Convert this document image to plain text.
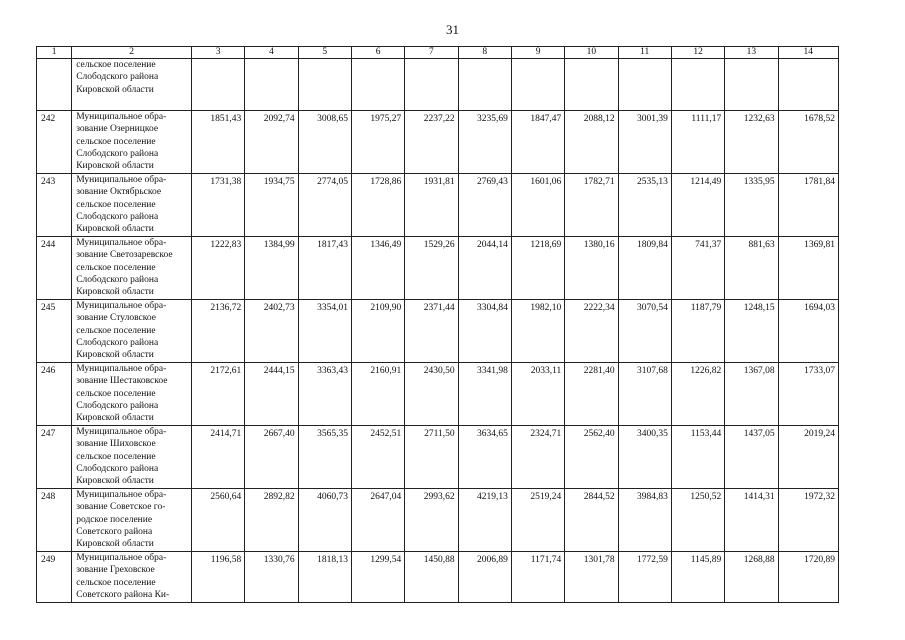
31
1	2	3	4	5	6	7	8	9	10	11	12	13	14
	сельское поселение
Слободского района
Кировской области												
242	Муниципальное обра-
зование Озерницкое
сельское поселение
Слободского района
Кировской области	1851,43	2092,74	3008,65	1975,27	2237,22	3235,69	1847,47	2088,12	3001,39	1111,17	1232,63	1678,52
243	Муниципальное обра-
зование Октябрьское
сельское поселение
Слободского района
Кировской области	1731,38	1934,75	2774,05	1728,86	1931,81	2769,43	1601,06	1782,71	2535,13	1214,49	1335,95	1781,84
244	Муниципальное обра-
зование Светозаревское
сельское поселение
Слободского района
Кировской области	1222,83	1384,99	1817,43	1346,49	1529,26	2044,14	1218,69	1380,16	1809,84	741,37	881,63	1369,81
245	Муниципальное обра-
зование Стуловское
сельское поселение
Слободского района
Кировской области	2136,72	2402,73	3354,01	2109,90	2371,44	3304,84	1982,10	2222,34	3070,54	1187,79	1248,15	1694,03
246	Муниципальное обра-
зование Шестаковское
сельское поселение
Слободского района
Кировской области	2172,61	2444,15	3363,43	2160,91	2430,50	3341,98	2033,11	2281,40	3107,68	1226,82	1367,08	1733,07
247	Муниципальное обра-
зование Шиховское
сельское поселение
Слободского района
Кировской области	2414,71	2667,40	3565,35	2452,51	2711,50	3634,65	2324,71	2562,40	3400,35	1153,44	1437,05	2019,24
248	Муниципальное обра-
зование Советское го-
родское поселение
Советского района
Кировской области	2560,64	2892,82	4060,73	2647,04	2993,62	4219,13	2519,24	2844,52	3984,83	1250,52	1414,31	1972,32
249	Муниципальное обра-
зование Греховское
сельское поселение
Советского района Ки-	1196,58	1330,76	1818,13	1299,54	1450,88	2006,89	1171,74	1301,78	1772,59	1145,89	1268,88	1720,89
